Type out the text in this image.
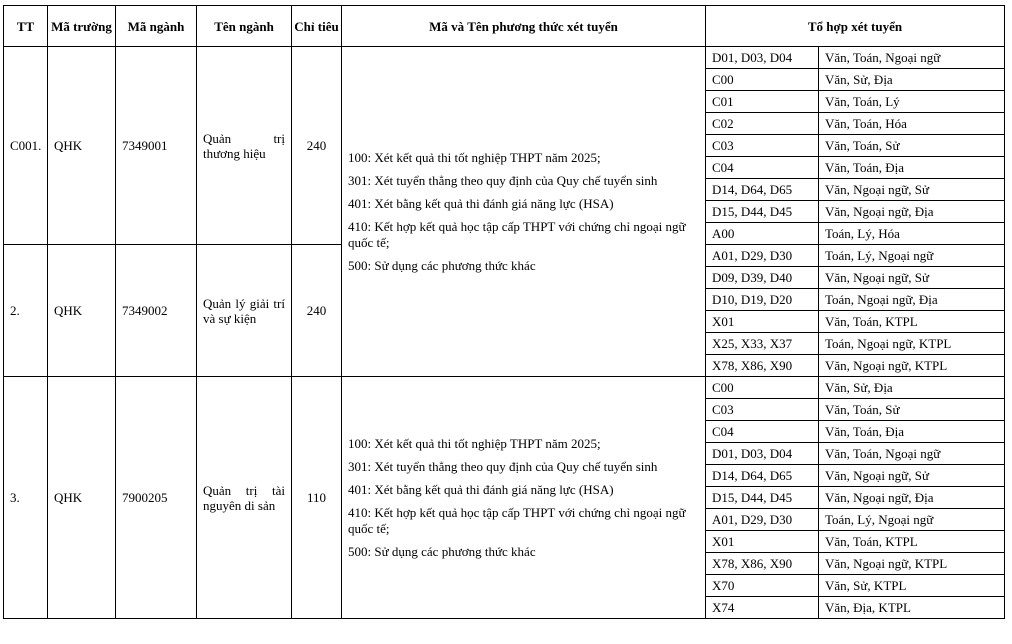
TT	Mã trường	Mã ngành	Tên ngành	Chỉ tiêu	Mã và Tên phương thức xét tuyển	Tổ hợp xét tuyển	
C001.	QHK	7349001	Quản trị thương hiệu	240	100: Xét kết quả thi tốt nghiệp THPT năm 2025;
301: Xét tuyển thẳng theo quy định của Quy chế tuyển sinh
401: Xét bằng kết quả thi đánh giá năng lực (HSA)
410: Kết hợp kết quả học tập cấp THPT với chứng chỉ ngoại ngữ quốc tế;
500: Sử dụng các phương thức khác	D01, D03, D04	Văn, Toán, Ngoại ngữ
						C00	Văn, Sử, Địa
						C01	Văn, Toán, Lý
						C02	Văn, Toán, Hóa
						C03	Văn, Toán, Sử
						C04	Văn, Toán, Địa
						D14, D64, D65	Văn, Ngoại ngữ, Sử
						D15, D44, D45	Văn, Ngoại ngữ, Địa
						A00	Toán, Lý, Hóa
2.	QHK	7349002	Quản lý giải trí và sự kiện	240		A01, D29, D30	Toán, Lý, Ngoại ngữ
						D09, D39, D40	Văn, Ngoại ngữ, Sử
						D10, D19, D20	Toán, Ngoại ngữ, Địa
						X01	Văn, Toán, KTPL
						X25, X33, X37	Toán, Ngoại ngữ, KTPL
						X78, X86, X90	Văn, Ngoại ngữ, KTPL
3.	QHK	7900205	Quản trị tài nguyên di sản	110	100: Xét kết quả thi tốt nghiệp THPT năm 2025;
301: Xét tuyển thẳng theo quy định của Quy chế tuyển sinh
401: Xét bằng kết quả thi đánh giá năng lực (HSA)
410: Kết hợp kết quả học tập cấp THPT với chứng chỉ ngoại ngữ quốc tế;
500: Sử dụng các phương thức khác	C00	Văn, Sử, Địa
						C03	Văn, Toán, Sử
						C04	Văn, Toán, Địa
						D01, D03, D04	Văn, Toán, Ngoại ngữ
						D14, D64, D65	Văn, Ngoại ngữ, Sử
						D15, D44, D45	Văn, Ngoại ngữ, Địa
						A01, D29, D30	Toán, Lý, Ngoại ngữ
						X01	Văn, Toán, KTPL
						X78, X86, X90	Văn, Ngoại ngữ, KTPL
						X70	Văn, Sử, KTPL
						X74	Văn, Địa, KTPL
